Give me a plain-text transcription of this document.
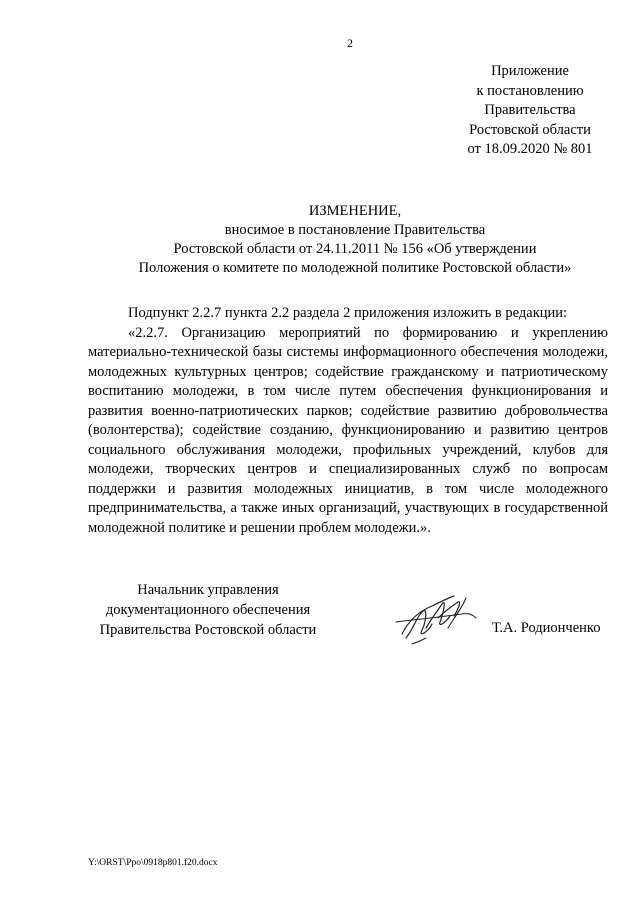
2
Приложение
к постановлению
Правительства
Ростовской области
от 18.09.2020 № 801
ИЗМЕНЕНИЕ,
вносимое в постановление Правительства
Ростовской области от 24.11.2011 № 156 «Об утверждении
Положения о комитете по молодежной политике Ростовской области»

Подпункт 2.2.7 пункта 2.2 раздела 2 приложения изложить в редакции:

«2.2.7. Организацию мероприятий по формированию и укреплению материально-технической базы системы информационного обеспечения молодежи, молодежных культурных центров; содействие гражданскому и патриотическому воспитанию молодежи, в том числе путем обеспечения функционирования и развития военно-патриотических парков; содействие развитию добровольчества (волонтерства); содействие созданию, функционированию и развитию центров социального обслуживания молодежи, профильных учреждений, клубов для молодежи, творческих центров и специализированных служб по вопросам поддержки и развития молодежных инициатив, в том числе молодежного предпринимательства, а также иных организаций, участвующих в государственной молодежной политике и решении проблем молодежи.».

Начальник управления
документационного обеспечения
Правительства Ростовской области	Т.А. Родионченко
Y:\ORST\Ppo\0918p801.f20.docx
